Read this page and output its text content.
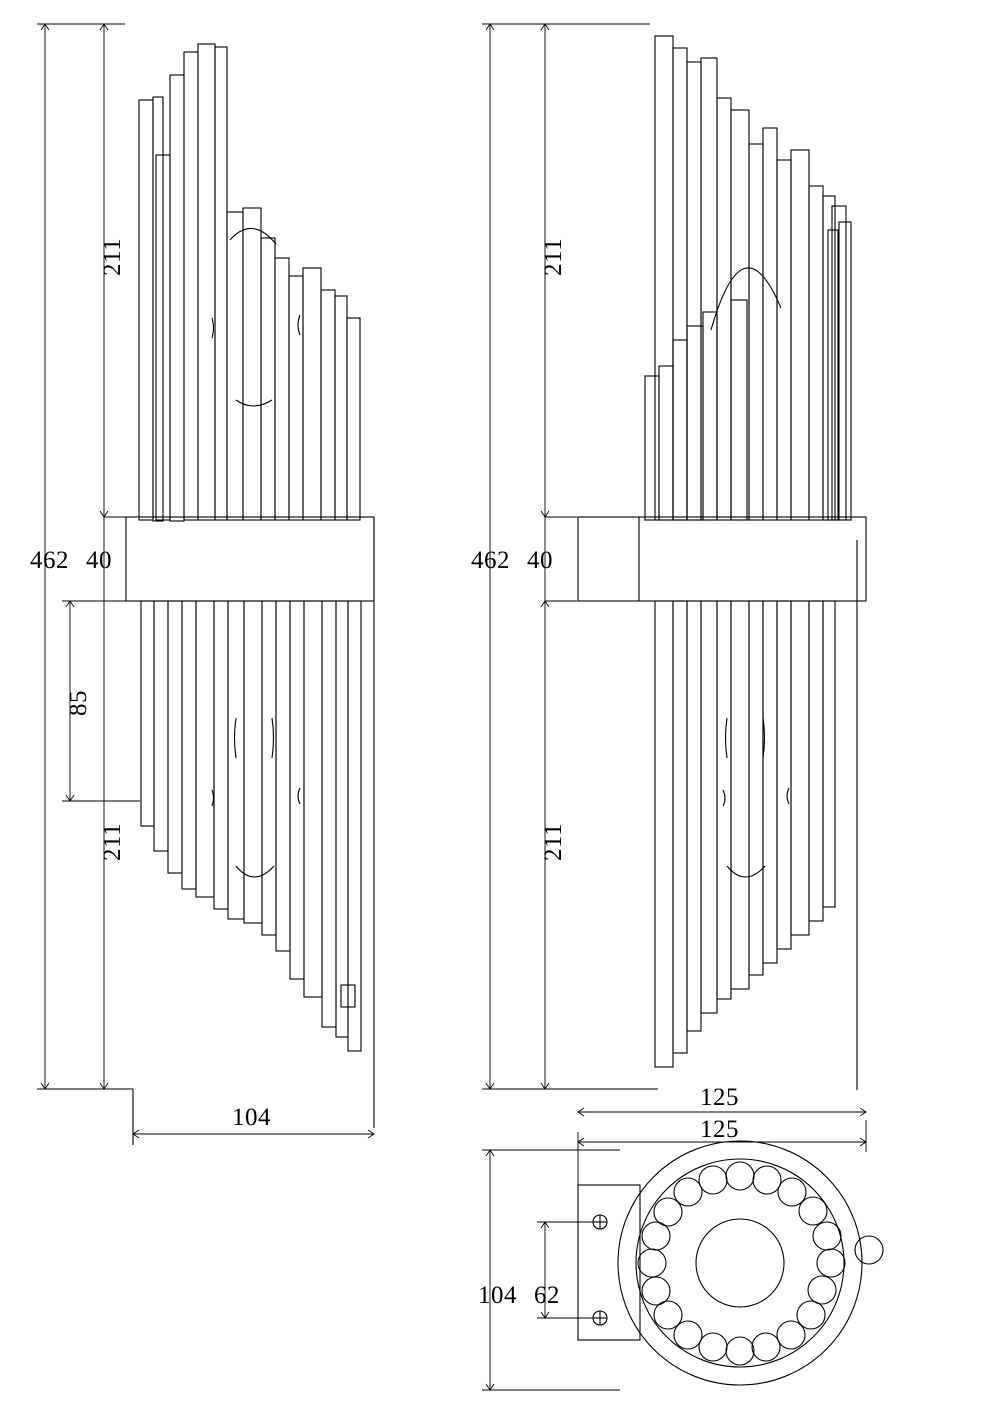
211
462 40
85
211
104
211
462 40
211
125
125
104 62
